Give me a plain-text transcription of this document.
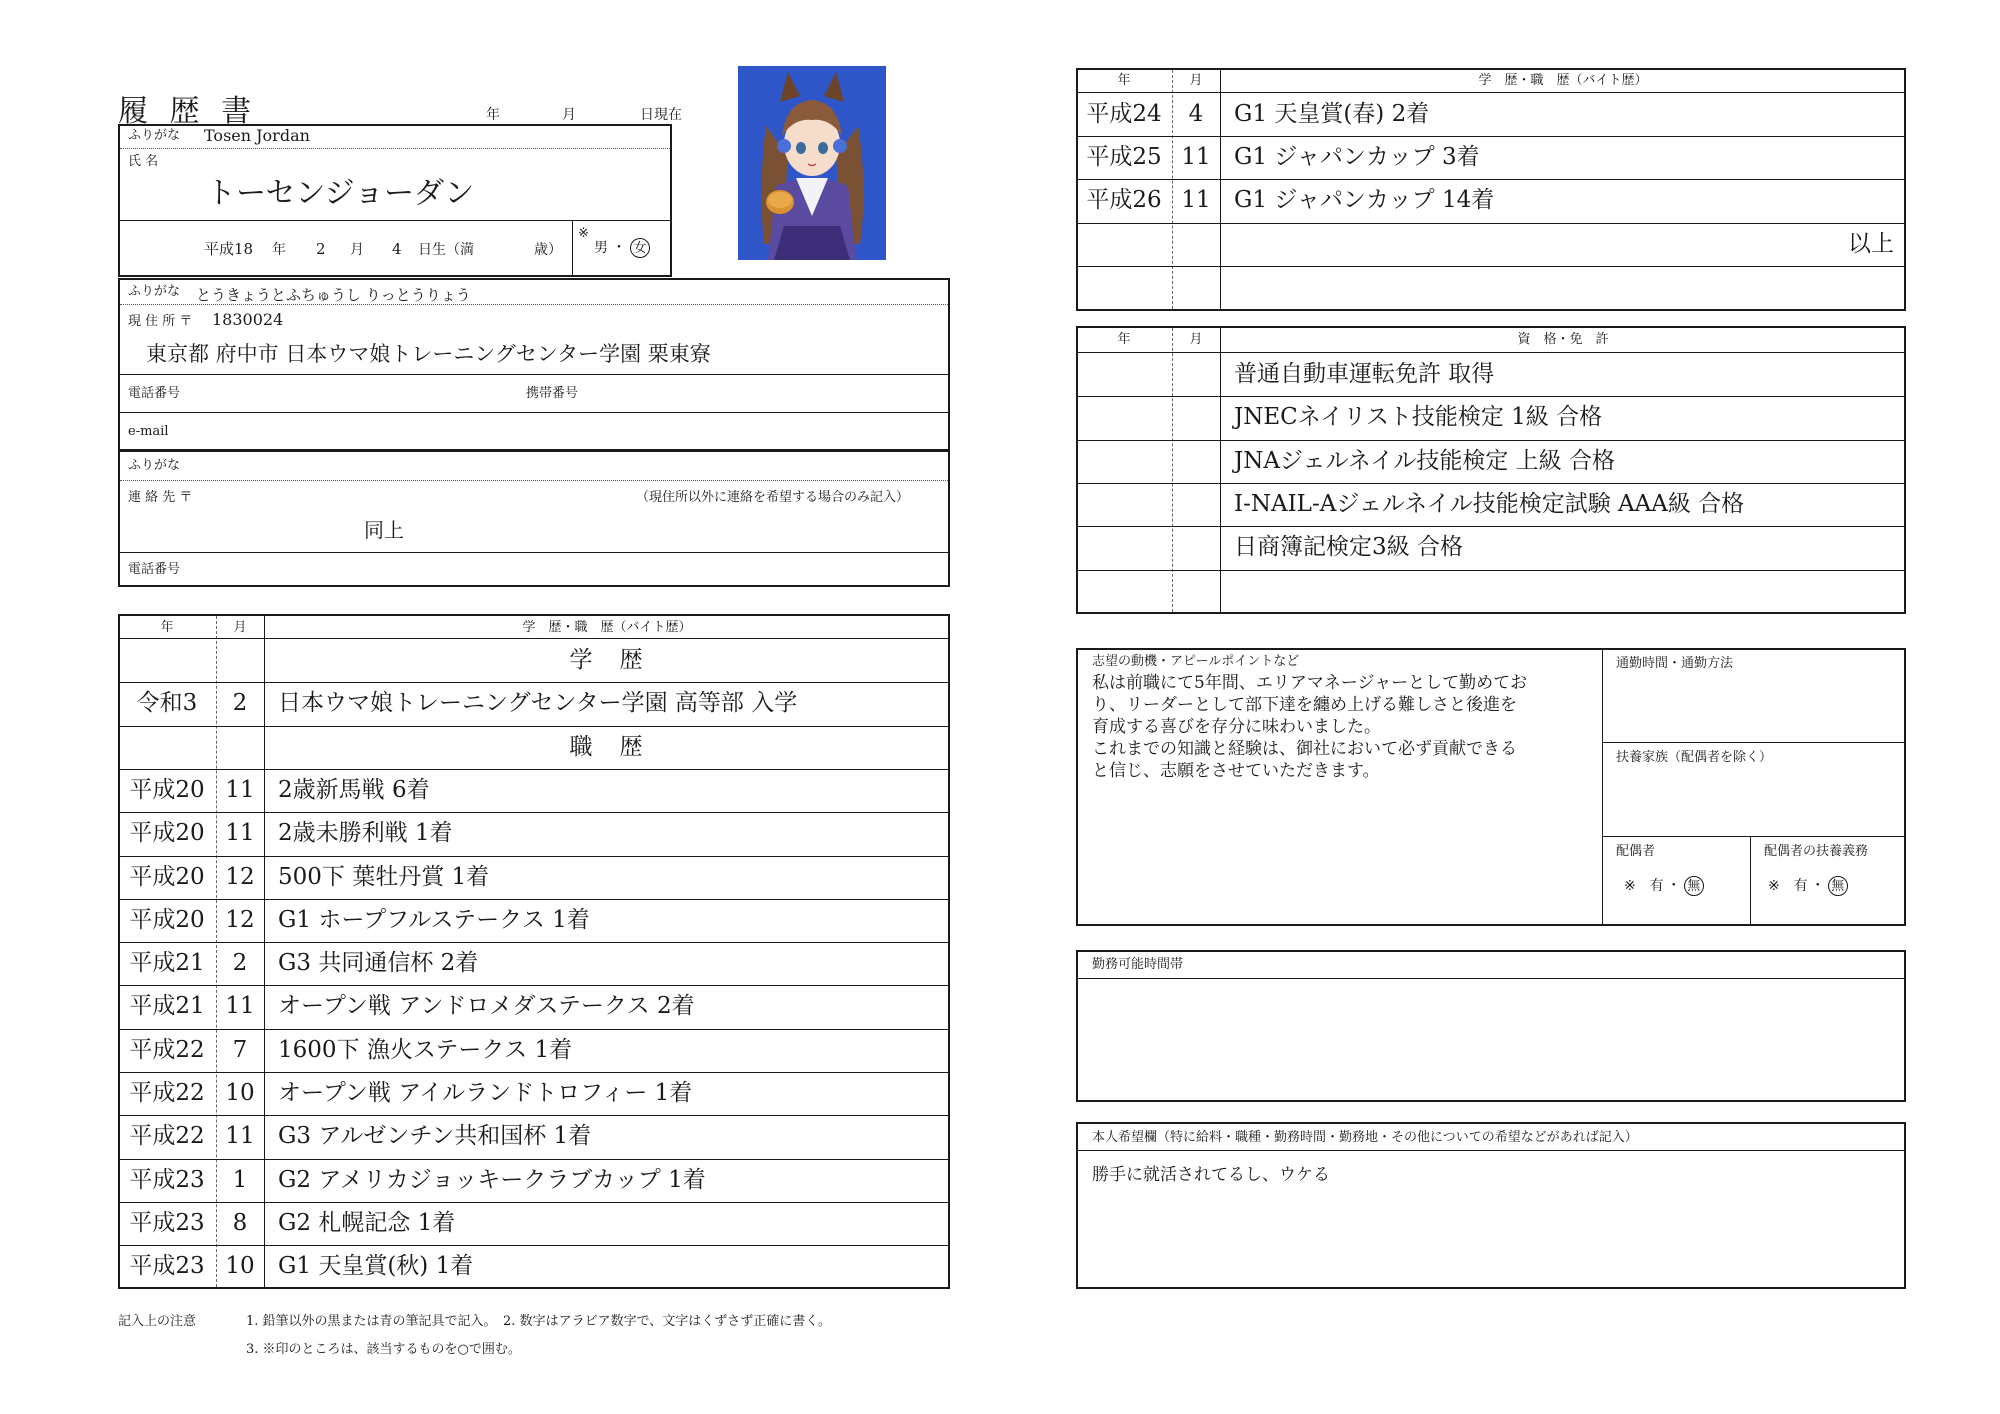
履 歴 書	年	月	日現在
ふりがな Tosen Jordan
氏 名
トーセンジョーダン
平成18 年 2 月 4 日生（満	歳）
※
男 ・ 女
ふりがな とうきょうとふちゅうし りっとうりょう
現 住 所 〒 1830024
東京都 府中市 日本ウマ娘トレーニングセンター学園 栗東寮
電話番号	携帯番号
e-mail
ふりがな
連 絡 先 〒	（現住所以外に連絡を希望する場合のみ記入）
同上
電話番号
年	月	学　歴・職　歴（バイト歴）
学　歴
令和3	2	日本ウマ娘トレーニングセンター学園 高等部 入学
職　歴
平成20 11	2歳新馬戦 6着
平成20 11	2歳未勝利戦 1着
平成20 12	500下 葉牡丹賞 1着
平成20 12	G1 ホープフルステークス 1着
平成21	2	G3 共同通信杯 2着
平成21 11	オープン戦 アンドロメダステークス 2着
平成22	7	1600下 漁火ステークス 1着
平成22 10	オープン戦 アイルランドトロフィー 1着
平成22 11	G3 アルゼンチン共和国杯 1着
平成23	1	G2 アメリカジョッキークラブカップ 1着
平成23	8	G2 札幌記念 1着
平成23 10	G1 天皇賞(秋) 1着
記入上の注意	1. 鉛筆以外の黒または青の筆記具で記入。　2. 数字はアラビア数字で、文字はくずさず正確に書く。
3. ※印のところは、該当するものを○で囲む。
年	月	学　歴・職　歴（バイト歴）
平成24	4	G1 天皇賞(春) 2着
平成25 11	G1 ジャパンカップ 3着
平成26 11	G1 ジャパンカップ 14着
以上
年	月	資　格・免　許
普通自動車運転免許 取得
JNECネイリスト技能検定 1級 合格
JNAジェルネイル技能検定 上級 合格
I-NAIL-Aジェルネイル技能検定試験 AAA級 合格
日商簿記検定3級 合格
志望の動機・アピールポイントなど
私は前職にて5年間、エリアマネージャーとして勤めてお
り、リーダーとして部下達を纏め上げる難しさと後進を
育成する喜びを存分に味わいました。
これまでの知識と経験は、御社において必ず貢献できる
と信じ、志願をさせていただきます。
通勤時間・通勤方法
扶養家族（配偶者を除く）
配偶者	配偶者の扶養義務
※ 有 ・ 無	※ 有 ・ 無
勤務可能時間帯
本人希望欄（特に給料・職種・勤務時間・勤務地・その他についての希望などがあれば記入）
勝手に就活されてるし、ウケる
